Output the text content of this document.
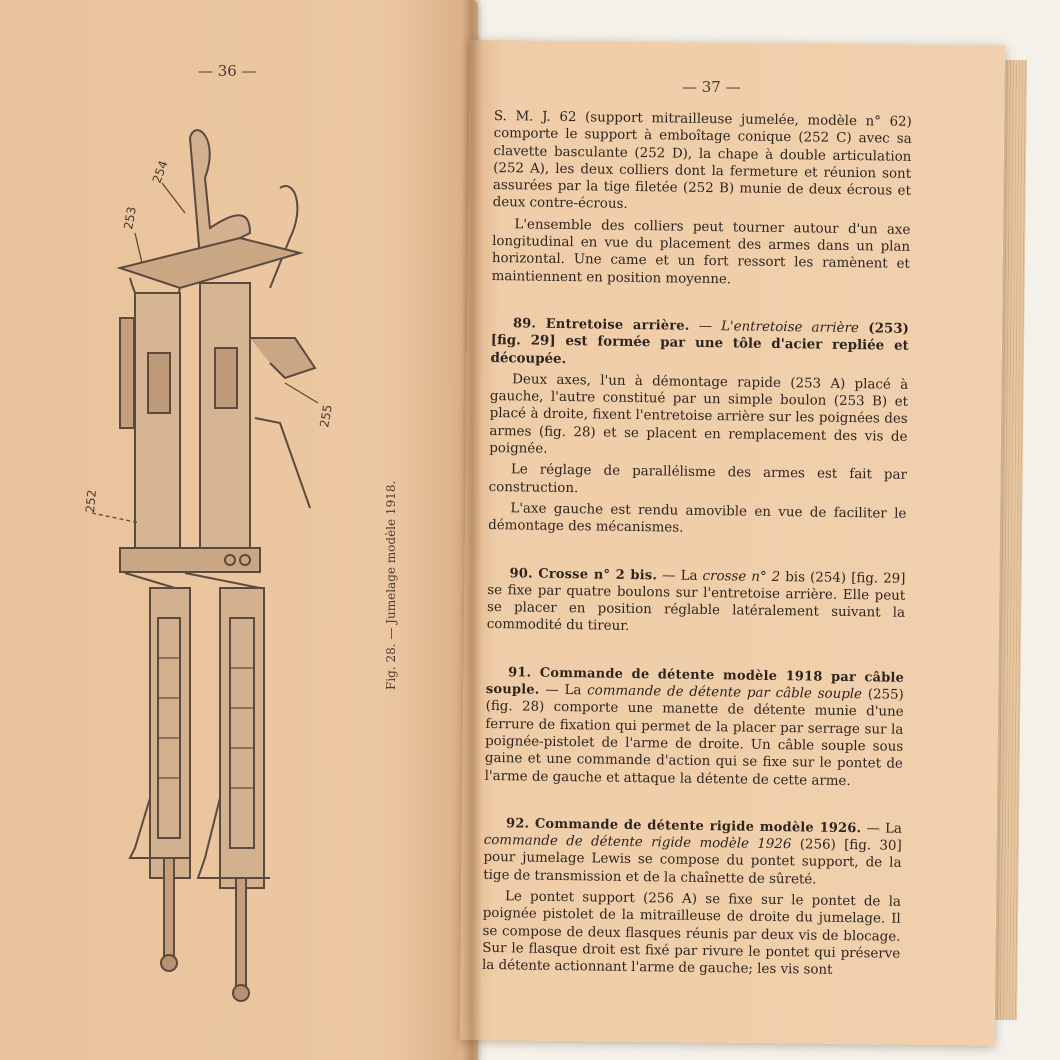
— 36 —
254
253
255
252	Fig. 28. — Jumelage modèle 1918.
— 37 —

S. M. J. 62 (support mitrailleuse jumelée, modèle n° 62) comporte le support à emboîtage conique (252 C) avec sa clavette basculante (252 D), la chape à double articulation (252 A), les deux colliers dont la fermeture et réunion sont assurées par la tige filetée (252 B) munie de deux écrous et deux contre-écrous.

L'ensemble des colliers peut tourner autour d'un axe longitudinal en vue du placement des armes dans un plan horizontal. Une came et un fort ressort les ramènent et maintiennent en position moyenne.

89. Entretoise arrière. — L'entretoise arrière (253) [fig. 29] est formée par une tôle d'acier repliée et découpée.

Deux axes, l'un à démontage rapide (253 A) placé à gauche, l'autre constitué par un simple boulon (253 B) et placé à droite, fixent l'entretoise arrière sur les poignées des armes (fig. 28) et se placent en remplacement des vis de poignée.

Le réglage de parallélisme des armes est fait par construction.

L'axe gauche est rendu amovible en vue de faciliter le démontage des mécanismes.

90. Crosse n° 2 bis. — La crosse n° 2 bis (254) [fig. 29] se fixe par quatre boulons sur l'entretoise arrière. Elle peut se placer en position réglable latéralement suivant la commodité du tireur.

91. Commande de détente modèle 1918 par câble souple. — La commande de détente par câble souple (255) (fig. 28) comporte une manette de détente munie d'une ferrure de fixation qui permet de la placer par serrage sur la poignée-pistolet de l'arme de droite. Un câble souple sous gaine et une commande d'action qui se fixe sur le pontet de l'arme de gauche et attaque la détente de cette arme.

92. Commande de détente rigide modèle 1926. — La commande de détente rigide modèle 1926 (256) [fig. 30] pour jumelage Lewis se compose du pontet support, de la tige de transmission et de la chaînette de sûreté.

Le pontet support (256 A) se fixe sur le pontet de la poignée pistolet de la mitrailleuse de droite du jumelage. Il se compose de deux flasques réunis par deux vis de blocage. Sur le flasque droit est fixé par rivure le pontet qui préserve la détente actionnant l'arme de gauche; les vis sont
